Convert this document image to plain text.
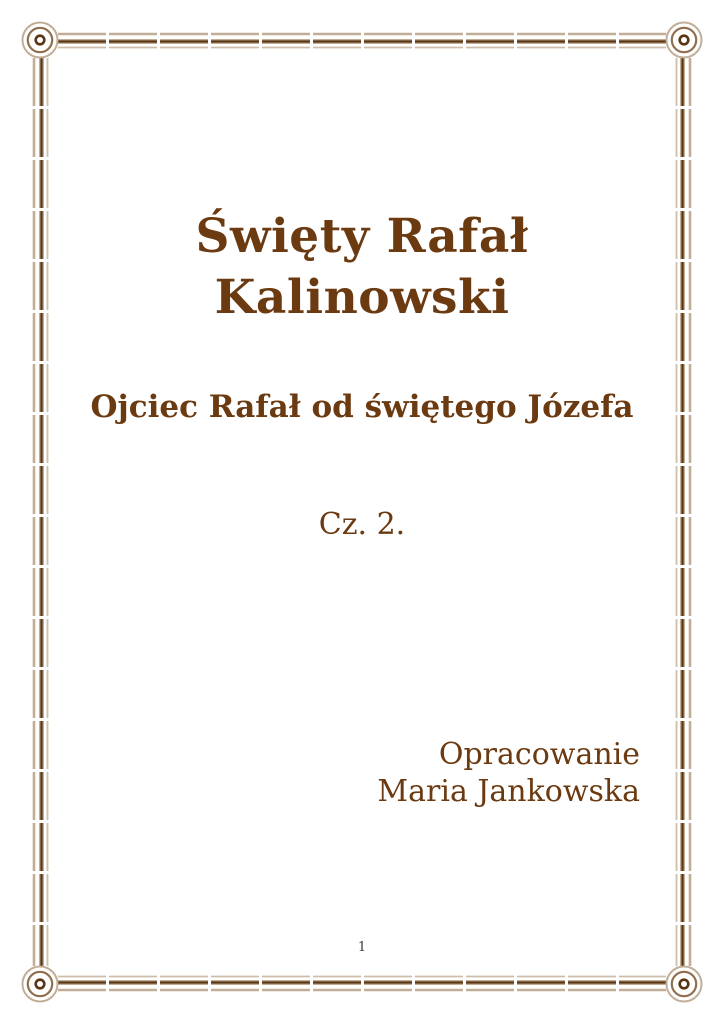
Święty Rafał
Kalinowski
Ojciec Rafał od świętego Józefa
Cz. 2.
Opracowanie
Maria Jankowska
1
